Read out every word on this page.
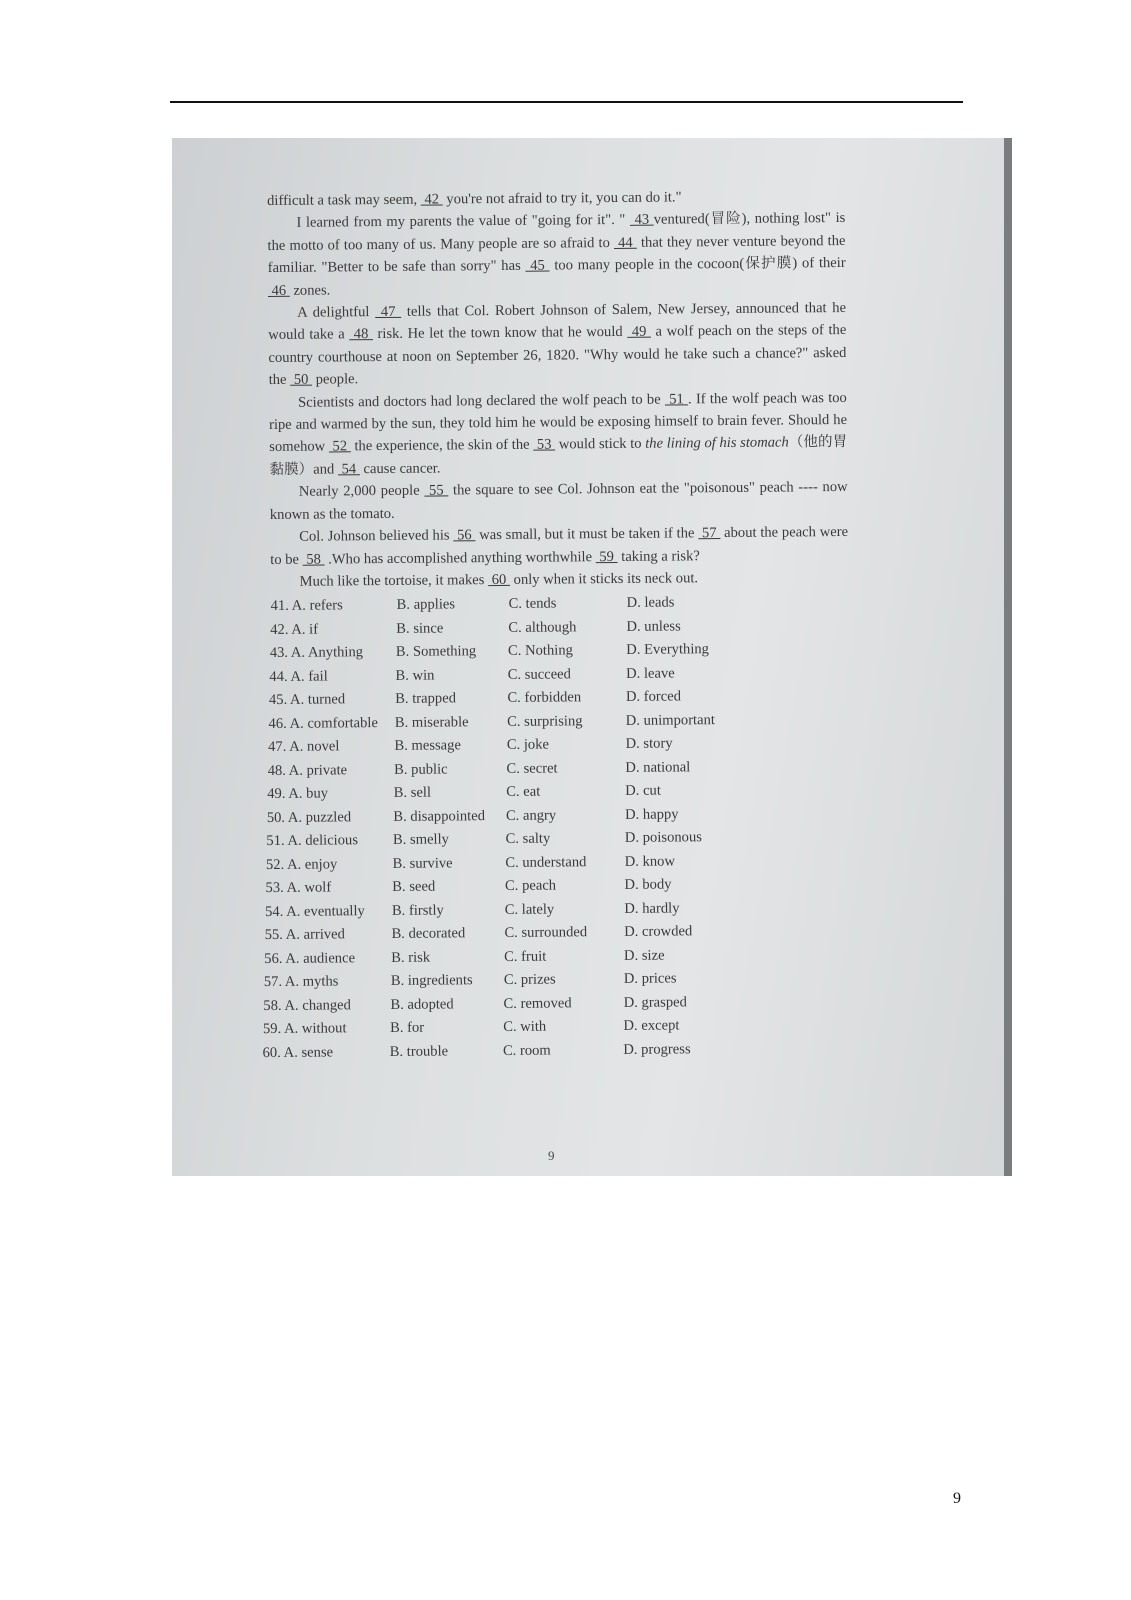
difficult a task may seem,  42  you're not afraid to try it, you can do it."

I learned from my parents the value of "going for it". "  43 ventured(冒险), nothing lost" is the motto of too many of us. Many people are so afraid to  44  that they never venture beyond the familiar. "Better to be safe than sorry" has  45  too many people in the cocoon(保护膜) of their  46  zones.

A delightful  47  tells that Col. Robert Johnson of Salem, New Jersey, announced that he would take a  48  risk. He let the town know that he would  49  a wolf peach on the steps of the country courthouse at noon on September 26, 1820. "Why would he take such a chance?" asked the  50  people.

Scientists and doctors had long declared the wolf peach to be  51 . If the wolf peach was too ripe and warmed by the sun, they told him he would be exposing himself to brain fever. Should he somehow  52  the experience, the skin of the  53  would stick to the lining of his stomach（他的胃黏膜）and  54  cause cancer.

Nearly 2,000 people  55  the square to see Col. Johnson eat the "poisonous" peach ---- now known as the tomato.

Col. Johnson believed his  56  was small, but it must be taken if the  57  about the peach were to be  58  .Who has accomplished anything worthwhile  59  taking a risk?

Much like the tortoise, it makes  60  only when it sticks its neck out.

41. A. refers	B. applies	C. tends	D. leads
42. A. if	B. since	C. although	D. unless
43. A. Anything B. Something C. Nothing	D. Everything
44. A. fail	B. win	C. succeed	D. leave
45. A. turned	B. trapped	C. forbidden	D. forced
46. A. comfortable B. miserable	C. surprising	D. unimportant
47. A. novel	B. message	C. joke	D. story
48. A. private	B. public	C. secret	D. national
49. A. buy	B. sell	C. eat	D. cut
50. A. puzzled	B. disappointed C. angry	D. happy
51. A. delicious B. smelly	C. salty	D. poisonous
52. A. enjoy	B. survive	C. understand	D. know
53. A. wolf	B. seed	C. peach	D. body
54. A. eventually B. firstly	C. lately	D. hardly
55. A. arrived	B. decorated	C. surrounded	D. crowded
56. A. audience B. risk	C. fruit	D. size
57. A. myths	B. ingredients C. prizes	D. prices
58. A. changed	B. adopted	C. removed	D. grasped
59. A. without	B. for	C. with	D. except
60. A. sense	B. trouble	C. room	D. progress
9
9
